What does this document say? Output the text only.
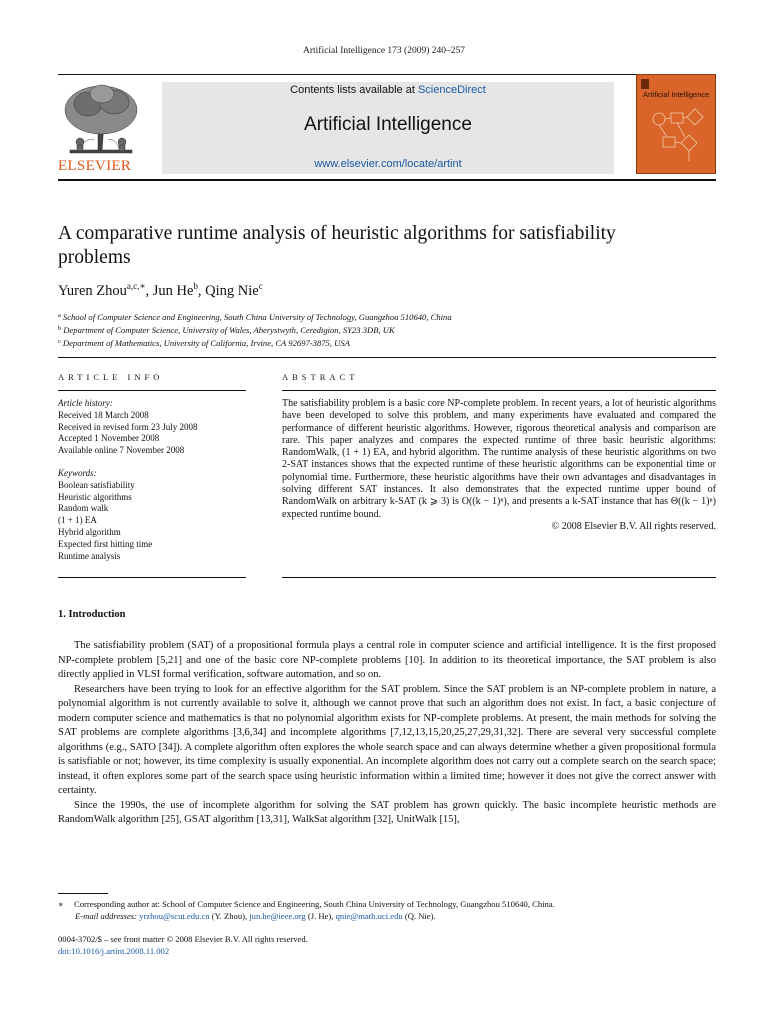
Artificial Intelligence 173 (2009) 240–257
ELSEVIER
Contents lists available at ScienceDirect
Artificial Intelligence
www.elsevier.com/locate/artint
Artificial Intelligence
A comparative runtime analysis of heuristic algorithms for satisfiability problems
Yuren Zhou$^{a,c,∗}$, Jun He$^b$, Qing Nie$^c$
$^a$ School of Computer Science and Engineering, South China University of Technology, Guangzhou 510640, China
$^b$ Department of Computer Science, University of Wales, Aberystwyth, Ceredigion, SY23 3DB, UK
$^c$ Department of Mathematics, University of California, Irvine, CA 92697-3875, USA
ARTICLE INFO	ABSTRACT
Article history:
Received 18 March 2008
Received in revised form 23 July 2008
Accepted 1 November 2008
Available online 7 November 2008
Keywords:
Boolean satisfiability
Heuristic algorithms
Random walk
(1 + 1) EA
Hybrid algorithm
Expected first hitting time
Runtime analysis
The satisfiability problem is a basic core NP-complete problem. In recent years, a lot of heuristic algorithms have been developed to solve this problem, and many experiments have evaluated and compared the performance of different heuristic algorithms. However, rigorous theoretical analysis and comparison are rare. This paper analyzes and compares the expected runtime of three basic heuristic algorithms: RandomWalk, (1 + 1) EA, and hybrid algorithm. The runtime analysis of these heuristic algorithms on two 2-SAT instances shows that the expected runtime of these heuristic algorithms can be exponential time or polynomial time. Furthermore, these heuristic algorithms have their own advantages and disadvantages in solving different SAT instances. It also demonstrates that the expected runtime upper bound of RandomWalk on arbitrary k-SAT (k ⩾ 3) is O((k − 1)ⁿ), and presents a k-SAT instance that has Θ((k − 1)ⁿ) expected runtime bound.
© 2008 Elsevier B.V. All rights reserved.
1. Introduction

The satisfiability problem (SAT) of a propositional formula plays a central role in computer science and artificial intelligence. It is the first proposed NP-complete problem [5,21] and one of the basic core NP-complete problems [10]. In addition to its theoretical importance, the SAT problem is also directly applied in VLSI formal verification, software automation, and so on.

Researchers have been trying to look for an effective algorithm for the SAT problem. Since the SAT problem is an NP-complete problem in nature, a polynomial algorithm is not currently available to solve it, although we cannot prove that such an algorithm does not exist. In fact, a basic conjecture of modern computer science and mathematics is that no polynomial algorithm exists for NP-complete problems. At present, the main methods for solving the SAT problems are complete algorithms [3,6,34] and incomplete algorithms [7,12,13,15,20,25,27,29,31,32]. There are several very successful complete algorithms (e.g., SATO [34]). A complete algorithm often explores the whole search space and can always determine whether a given propositional formula is satisfiable or not; however, its time complexity is usually exponential. An incomplete algorithm does not carry out a complete search on the search space; instead, it often explores some part of the search space using heuristic information within a limited time; however it does not give the correct answer with certainty.

Since the 1990s, the use of incomplete algorithm for solving the SAT problem has grown quickly. The basic incomplete heuristic methods are RandomWalk algorithm [25], GSAT algorithm [13,31], WalkSat algorithm [32], UnitWalk [15],

∗ Corresponding author at: School of Computer Science and Engineering, South China University of Technology, Guangzhou 510640, China.
E-mail addresses: yrzhou@scut.edu.cn (Y. Zhou), jun.he@ieee.org (J. He), qnie@math.uci.edu (Q. Nie).
0004-3702/$ – see front matter © 2008 Elsevier B.V. All rights reserved.
doi:10.1016/j.artint.2008.11.002
